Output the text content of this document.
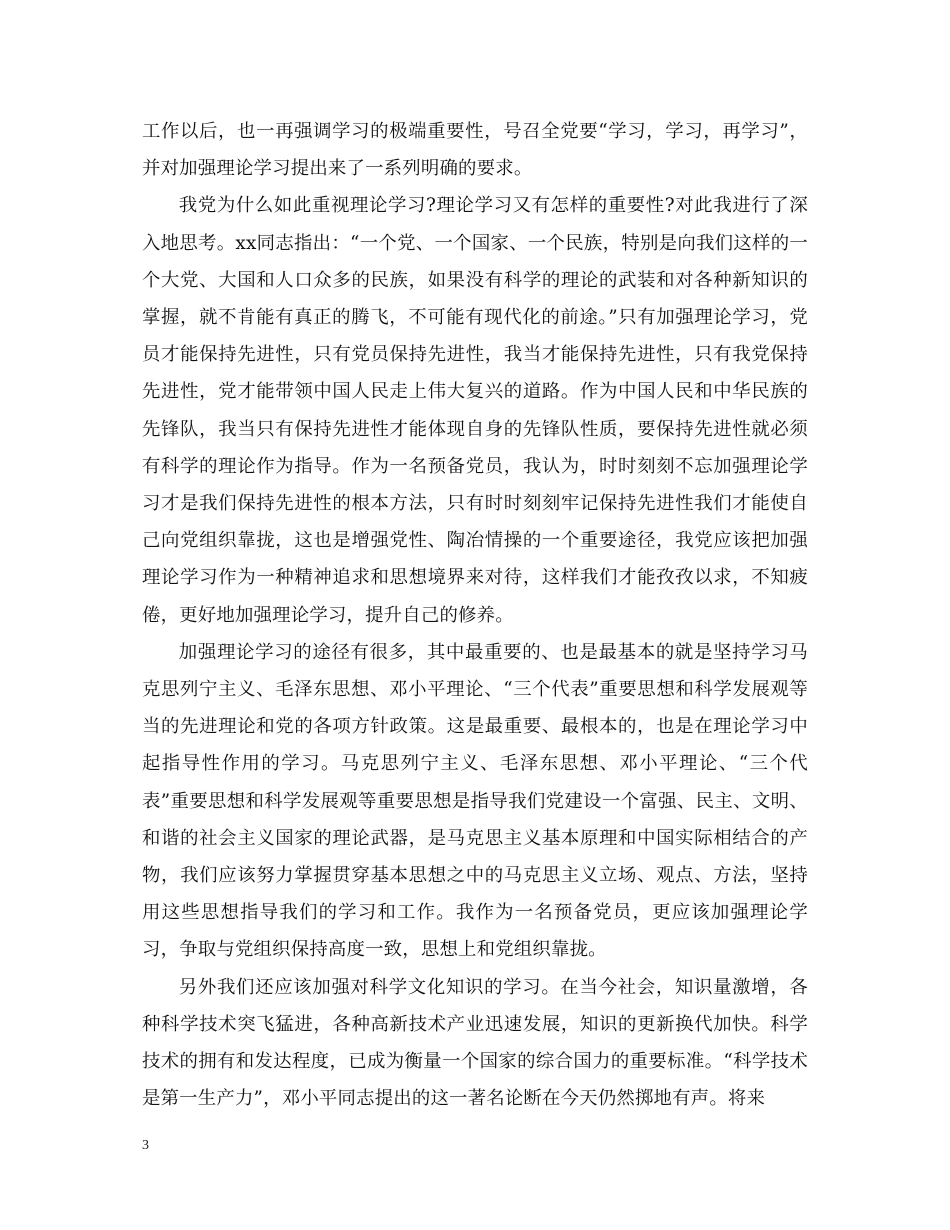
工作以后，也一再强调学习的极端重要性，号召全党要“学习，学习，再学习”，并对加强理论学习提出来了一系列明确的要求。

我党为什么如此重视理论学习?理论学习又有怎样的重要性?对此我进行了深入地思考。xx同志指出：“一个党、一个国家、一个民族，特别是向我们这样的一个大党、大国和人口众多的民族，如果没有科学的理论的武装和对各种新知识的掌握，就不肯能有真正的腾飞，不可能有现代化的前途。”只有加强理论学习，党员才能保持先进性，只有党员保持先进性，我当才能保持先进性，只有我党保持先进性，党才能带领中国人民走上伟大复兴的道路。作为中国人民和中华民族的先锋队，我当只有保持先进性才能体现自身的先锋队性质，要保持先进性就必须有科学的理论作为指导。作为一名预备党员，我认为，时时刻刻不忘加强理论学习才是我们保持先进性的根本方法，只有时时刻刻牢记保持先进性我们才能使自己向党组织靠拢，这也是增强党性、陶冶情操的一个重要途径，我党应该把加强理论学习作为一种精神追求和思想境界来对待，这样我们才能孜孜以求，不知疲倦，更好地加强理论学习，提升自己的修养。

加强理论学习的途径有很多，其中最重要的、也是最基本的就是坚持学习马克思列宁主义、毛泽东思想、邓小平理论、“三个代表”重要思想和科学发展观等当的先进理论和党的各项方针政策。这是最重要、最根本的，也是在理论学习中起指导性作用的学习。马克思列宁主义、毛泽东思想、邓小平理论、“三个代表”重要思想和科学发展观等重要思想是指导我们党建设一个富强、民主、文明、和谐的社会主义国家的理论武器，是马克思主义基本原理和中国实际相结合的产物，我们应该努力掌握贯穿基本思想之中的马克思主义立场、观点、方法，坚持用这些思想指导我们的学习和工作。我作为一名预备党员，更应该加强理论学习，争取与党组织保持高度一致，思想上和党组织靠拢。

另外我们还应该加强对科学文化知识的学习。在当今社会，知识量激增，各种科学技术突飞猛进，各种高新技术产业迅速发展，知识的更新换代加快。科学技术的拥有和发达程度，已成为衡量一个国家的综合国力的重要标准。“科学技术是第一生产力”，邓小平同志提出的这一著名论断在今天仍然掷地有声。将来

3
